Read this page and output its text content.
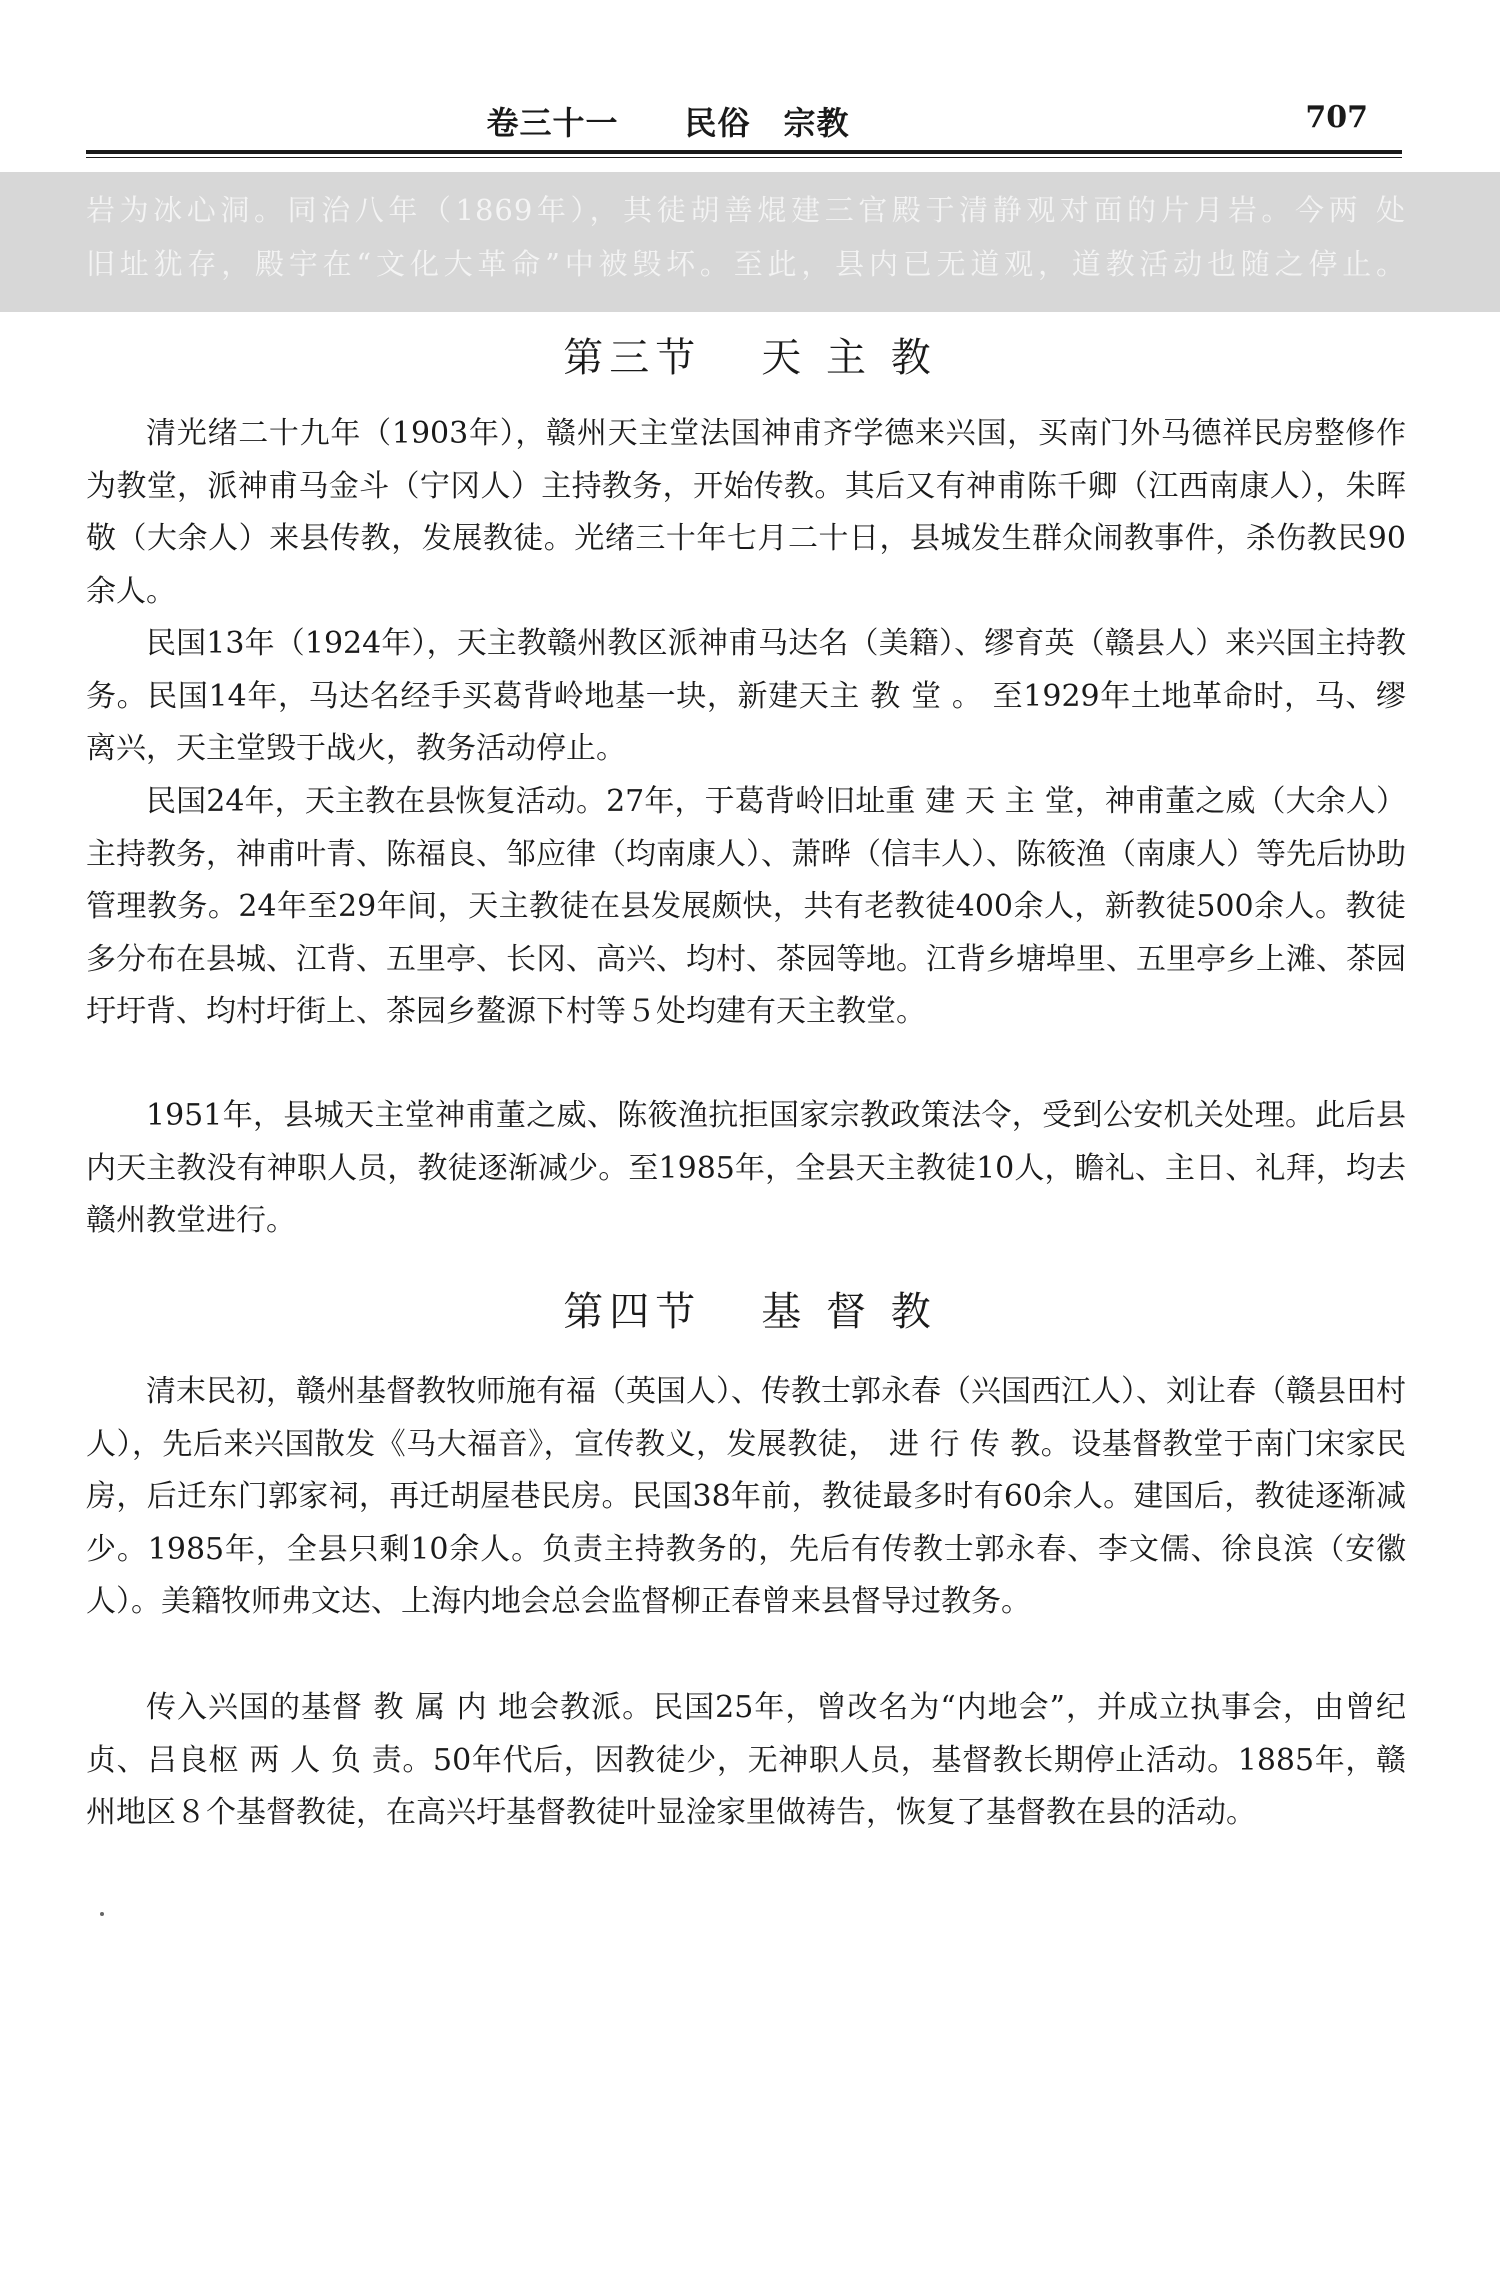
卷三十一　　民俗　宗教	707
岩为冰心洞。同治八年（1869年），其徒胡善焜建三官殿于清静观对面的片月岩。今两 处
旧址犹存，殿宇在“文化大革命”中被毁坏。至此，县内已无道观，道教活动也随之停止。
第三节 天 主 教

清光绪二十九年（1903年），赣州天主堂法国神甫齐学德来兴国，买南门外马德祥民房整修作为教堂，派神甫马金斗（宁冈人）主持教务，开始传教。其后又有神甫陈千卿（江西南康人），朱晖敬（大余人）来县传教，发展教徒。光绪三十年七月二十日，县城发生群众闹教事件，杀伤教民90余人。

民国13年（1924年），天主教赣州教区派神甫马达名（美籍）、缪育英（赣县人）来兴国主持教务。民国14年，马达名经手买葛背岭地基一块，新建天主 教 堂 。 至1929年土地革命时，马、缪离兴，天主堂毁于战火，教务活动停止。

民国24年，天主教在县恢复活动。27年，于葛背岭旧址重 建 天 主 堂，神甫董之威（大余人）主持教务，神甫叶青、陈福良、邹应律（均南康人）、萧晔（信丰人）、陈筱渔（南康人）等先后协助管理教务。24年至29年间，天主教徒在县发展颇快，共有老教徒400余人，新教徒500余人。教徒多分布在县城、江背、五里亭、长冈、高兴、均村、茶园等地。江背乡塘埠里、五里亭乡上滩、茶园圩圩背、均村圩街上、茶园乡鳌源下村等５处均建有天主教堂。

1951年，县城天主堂神甫董之威、陈筱渔抗拒国家宗教政策法令，受到公安机关处理。此后县内天主教没有神职人员，教徒逐渐减少。至1985年，全县天主教徒10人，瞻礼、主日、礼拜，均去赣州教堂进行。

第四节 基 督 教

清末民初，赣州基督教牧师施有福（英国人）、传教士郭永春（兴国西江人）、刘让春（赣县田村人），先后来兴国散发《马大福音》，宣传教义，发展教徒， 进 行 传 教。设基督教堂于南门宋家民房，后迁东门郭家祠，再迁胡屋巷民房。民国38年前，教徒最多时有60余人。建国后，教徒逐渐减少。1985年，全县只剩10余人。负责主持教务的，先后有传教士郭永春、李文儒、徐良滨（安徽人）。美籍牧师弗文达、上海内地会总会监督柳正春曾来县督导过教务。

传入兴国的基督 教 属 内 地会教派。民国25年，曾改名为“内地会”，并成立执事会，由曾纪贞、吕良枢 两 人 负 责。50年代后，因教徒少，无神职人员，基督教长期停止活动。1885年，赣州地区８个基督教徒，在高兴圩基督教徒叶显淦家里做祷告，恢复了基督教在县的活动。
